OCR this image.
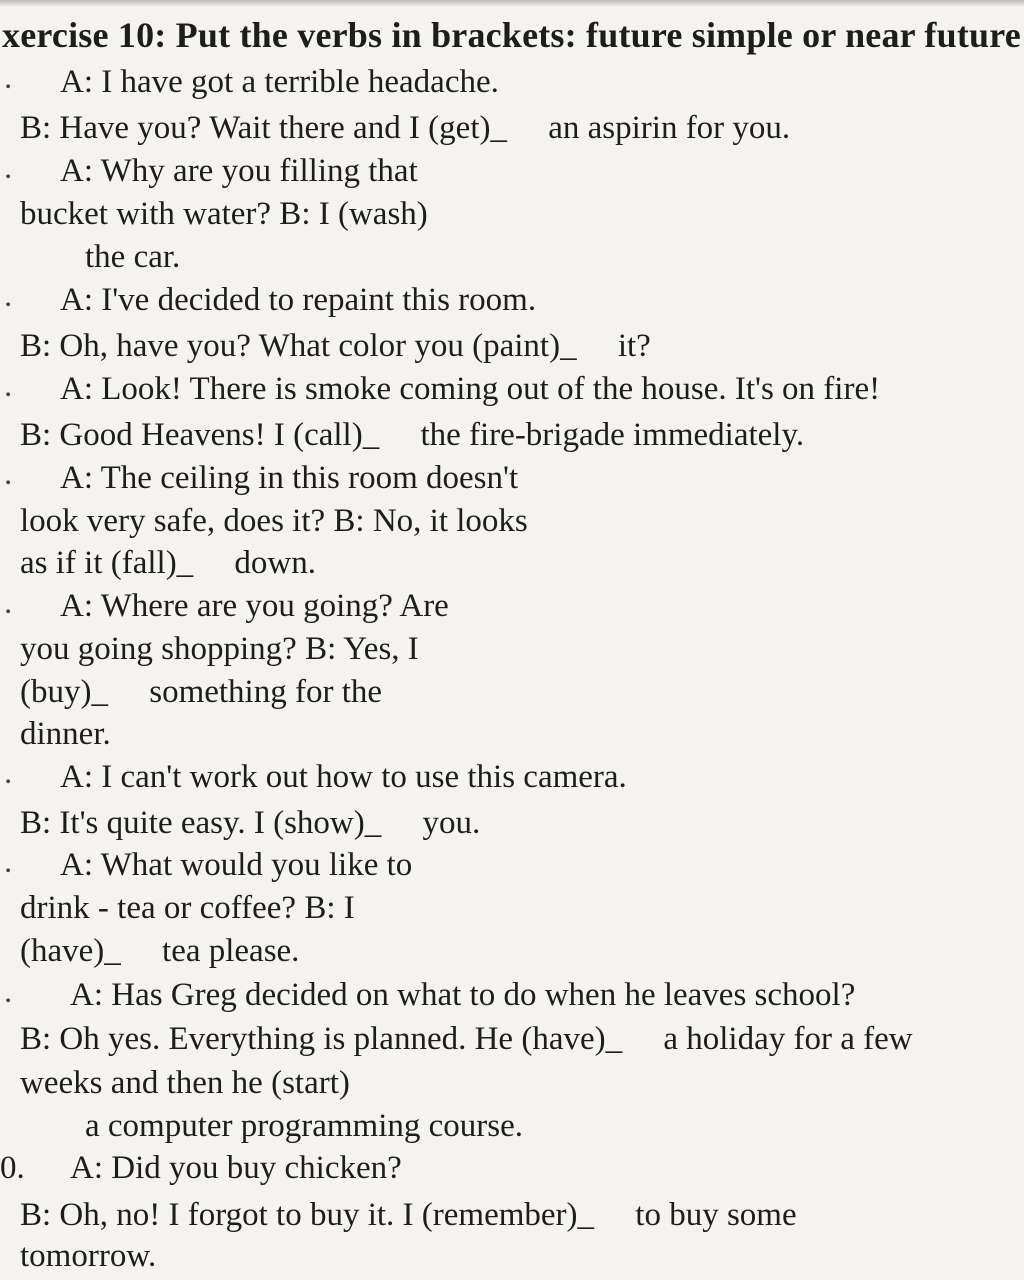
xercise 10: Put the verbs in brackets: future simple or near future
. A: I have got a terrible headache.
B: Have you? Wait there and I (get)_     an aspirin for you.
. A: Why are you filling that
bucket with water? B: I (wash)
the car.
. A: I've decided to repaint this room.
B: Oh, have you? What color you (paint)_     it?
. A: Look! There is smoke coming out of the house. It's on fire!
B: Good Heavens! I (call)_     the fire-brigade immediately.
. A: The ceiling in this room doesn't
look very safe, does it? B: No, it looks
as if it (fall)_     down.
. A: Where are you going? Are
you going shopping? B: Yes, I
(buy)_     something for the
dinner.
. A: I can't work out how to use this camera.
B: It's quite easy. I (show)_     you.
. A: What would you like to
drink - tea or coffee? B: I
(have)_     tea please.
. A: Has Greg decided on what to do when he leaves school?
B: Oh yes. Everything is planned. He (have)_     a holiday for a few
weeks and then he (start)
a computer programming course.
0. A: Did you buy chicken?
B: Oh, no! I forgot to buy it. I (remember)_     to buy some
tomorrow.
